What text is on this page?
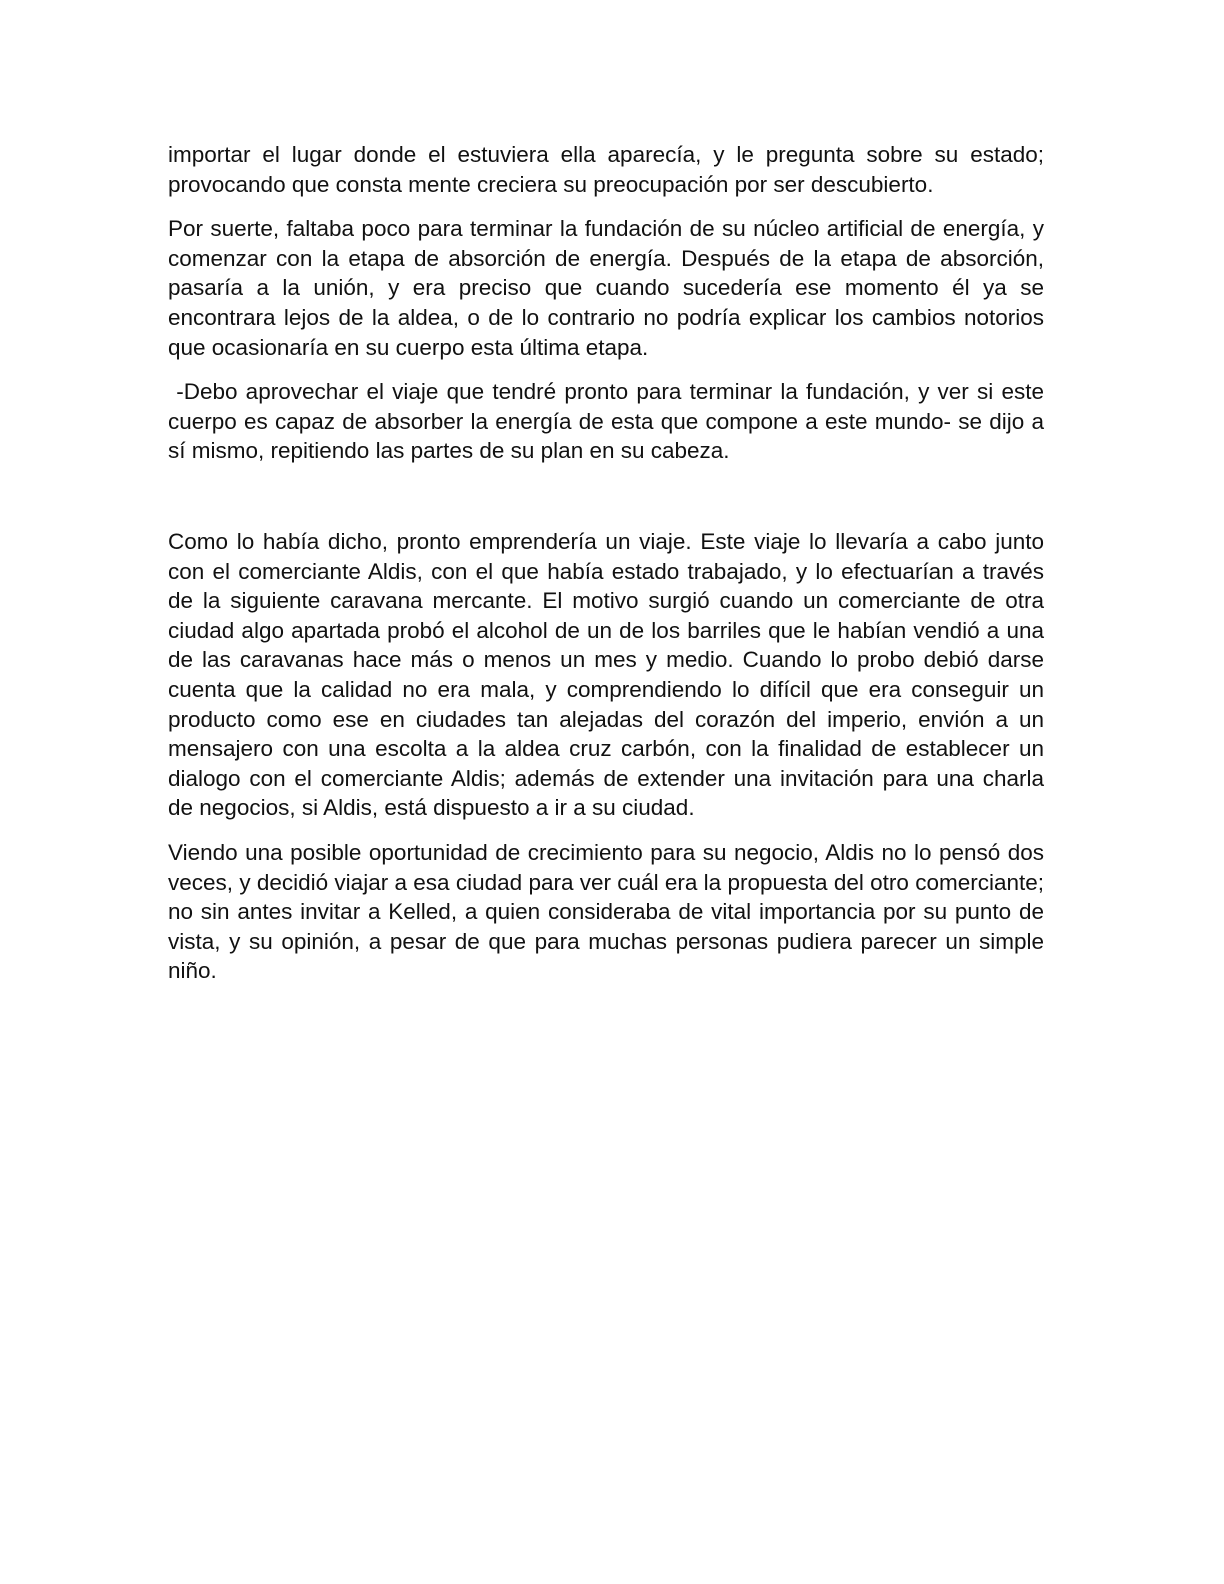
importar el lugar donde el estuviera ella aparecía, y le pregunta sobre su estado; provocando que consta mente creciera su preocupación por ser descubierto.

Por suerte, faltaba poco para terminar la fundación de su núcleo artificial de energía, y comenzar con la etapa de absorción de energía. Después de la etapa de absorción, pasaría a la unión, y era preciso que cuando sucedería ese momento él ya se encontrara lejos de la aldea, o de lo contrario no podría explicar los cambios notorios que ocasionaría en su cuerpo esta última etapa.

-Debo aprovechar el viaje que tendré pronto para terminar la fundación, y ver si este cuerpo es capaz de absorber la energía de esta que compone a este mundo- se dijo a sí mismo, repitiendo las partes de su plan en su cabeza.

Como lo había dicho, pronto emprendería un viaje. Este viaje lo llevaría a cabo junto con el comerciante Aldis, con el que había estado trabajado, y lo efectuarían a través de la siguiente caravana mercante. El motivo surgió cuando un comerciante de otra ciudad algo apartada probó el alcohol de un de los barriles que le habían vendió a una de las caravanas hace más o menos un mes y medio. Cuando lo probo debió darse cuenta que la calidad no era mala, y comprendiendo lo difícil que era conseguir un producto como ese en ciudades tan alejadas del corazón del imperio, envión a un mensajero con una escolta a la aldea cruz carbón, con la finalidad de establecer un dialogo con el comerciante Aldis; además de extender una invitación para una charla de negocios, si Aldis, está dispuesto a ir a su ciudad.

Viendo una posible oportunidad de crecimiento para su negocio, Aldis no lo pensó dos veces, y decidió viajar a esa ciudad para ver cuál era la propuesta del otro comerciante; no sin antes invitar a Kelled, a quien consideraba de vital importancia por su punto de vista, y su opinión, a pesar de que para muchas personas pudiera parecer un simple niño.
